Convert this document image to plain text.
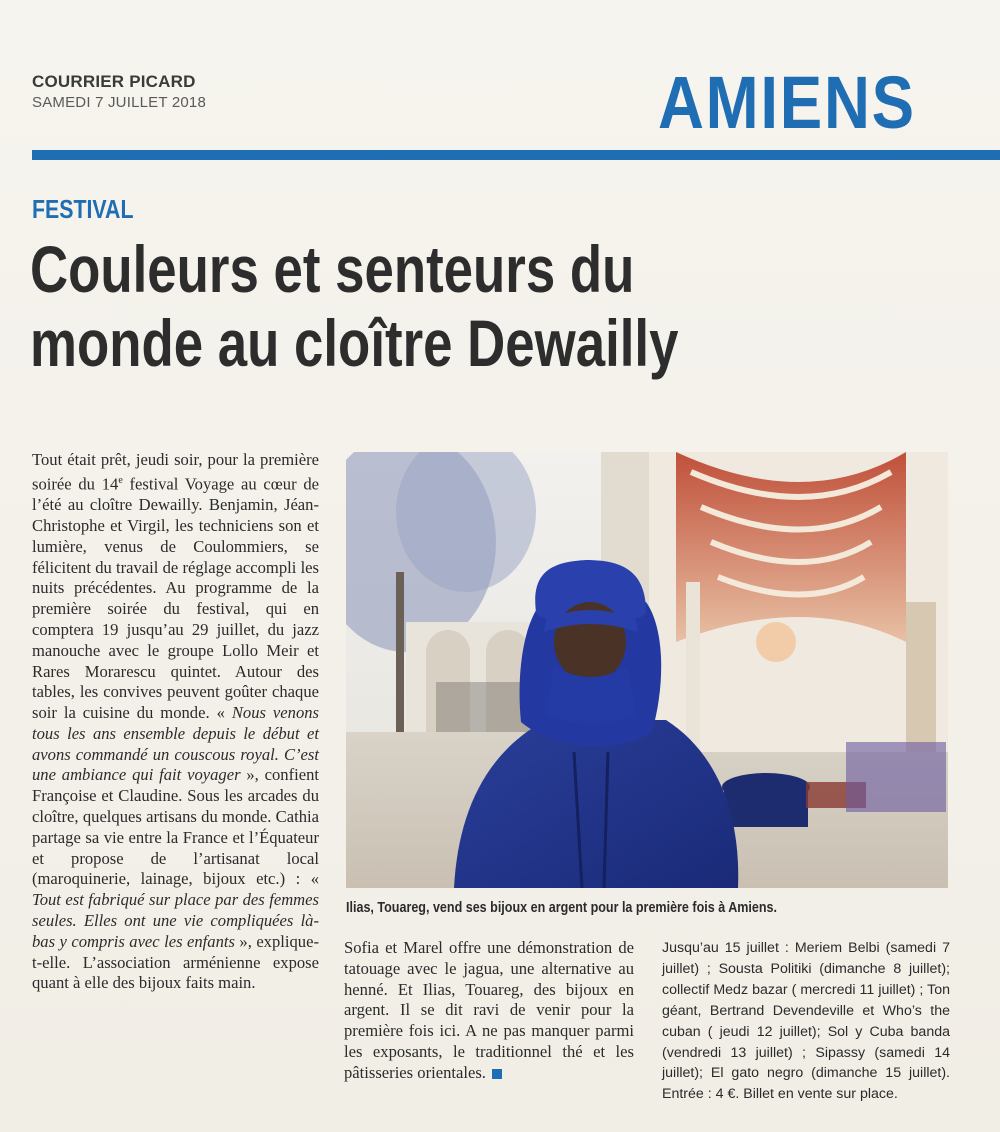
COURRIER PICARD
SAMEDI 7 JUILLET 2018	AMIENS
FESTIVAL
Couleurs et senteurs du
monde au cloître Dewailly
Tout était prêt, jeudi soir, pour la première soirée du 14e festival Voyage au cœur de l’été au cloître Dewailly. Benjamin, Jéan-Christophe et Virgil, les techniciens son et lumière, venus de Coulommiers, se félicitent du travail de réglage accompli les nuits précédentes. Au programme de la première soirée du festival, qui en comptera 19 jusqu’au 29 juillet, du jazz manouche avec le groupe Lollo Meir et Rares Morarescu quintet. Autour des tables, les convives peuvent goûter chaque soir la cuisine du monde. « Nous venons tous les ans ensemble depuis le début et avons commandé un couscous royal. C’est une ambiance qui fait voyager », confient Françoise et Claudine. Sous les arcades du cloître, quelques artisans du monde. Cathia partage sa vie entre la France et l’Équateur et propose de l’artisanat local (maroquinerie, lainage, bijoux etc.) : « Tout est fabriqué sur place par des femmes seules. Elles ont une vie compliquées là-bas y compris avec les enfants », explique-t-elle. L’association arménienne expose quant à elle des bijoux faits main.
Ilias, Touareg, vend ses bijoux en argent pour la première fois à Amiens.
Sofia et Marel offre une démonstration de tatouage avec le jagua, une alternative au henné. Et Ilias, Touareg, des bijoux en argent. Il se dit ravi de venir pour la première fois ici. A ne pas manquer parmi les exposants, le traditionnel thé et les pâtisseries orientales.
Jusqu’au 15 juillet : Meriem Belbi (samedi 7 juillet) ; Sousta Politiki (dimanche 8 juillet); collectif Medz bazar ( mercredi 11 juillet) ; Ton géant, Bertrand Devendeville et Who’s the cuban ( jeudi 12 juillet); Sol y Cuba banda (vendredi 13 juillet) ; Sipassy (samedi 14 juillet); El gato negro (dimanche 15 juillet). Entrée : 4 €. Billet en vente sur place.
